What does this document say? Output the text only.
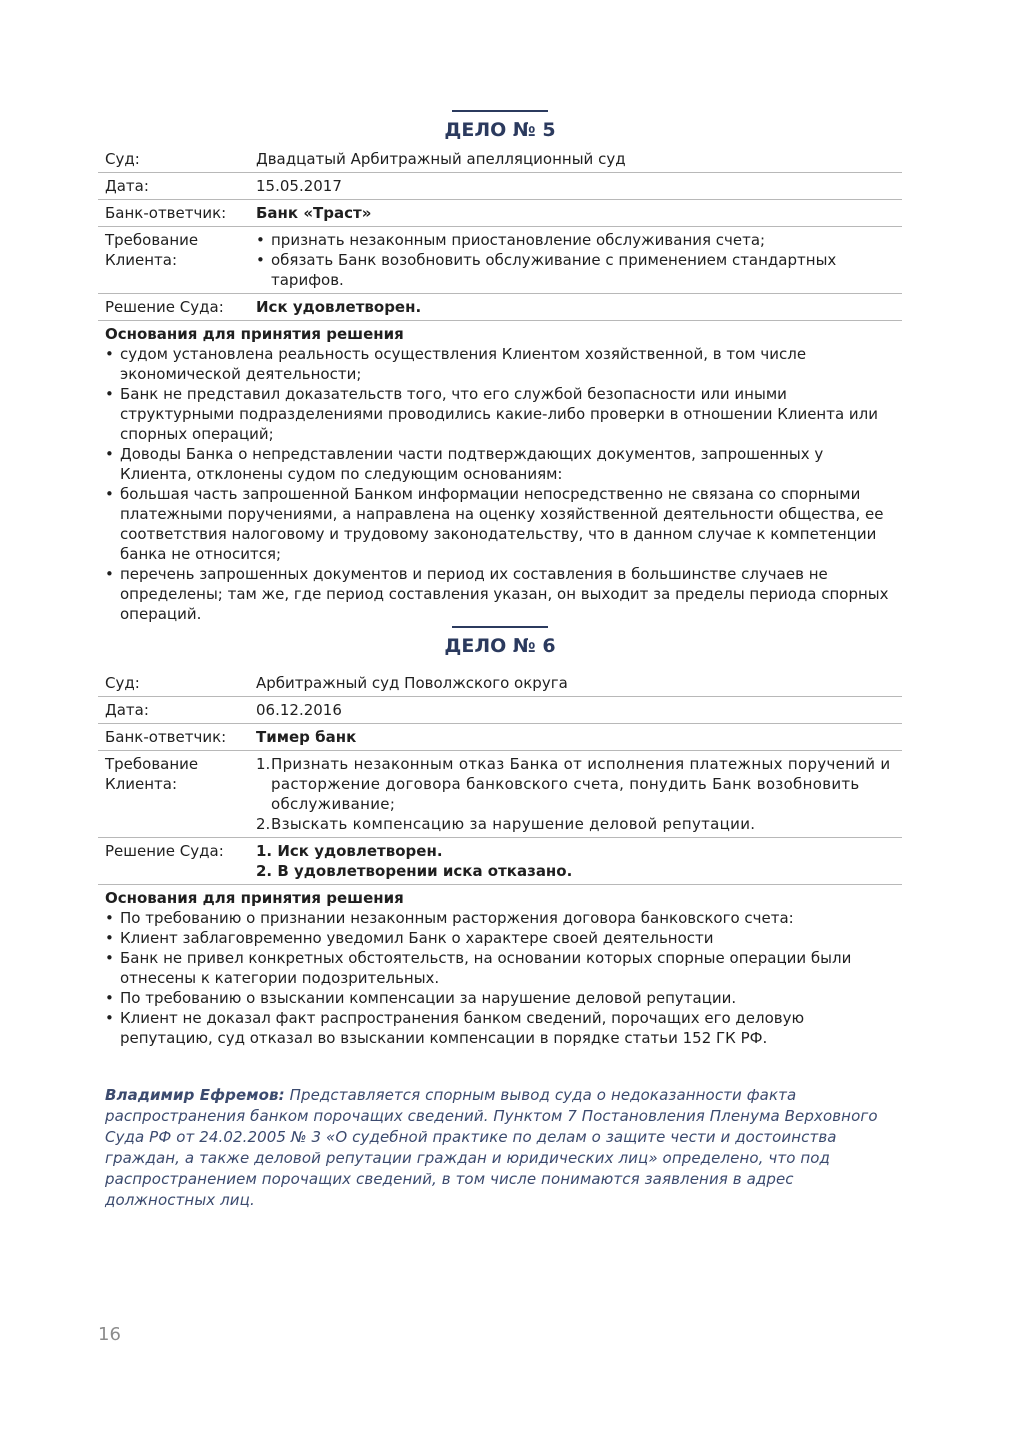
ДЕЛО № 5
Суд:	Двадцатый Арбитражный апелляционный суд
Дата:	15.05.2017
Банк-ответчик:	Банк «Траст»
Требование Клиента:
• признать незаконным приостановление обслуживания счета;
• обязать Банк возобновить обслуживание с применением стандартных тарифов.
Решение Суда:	Иск удовлетворен.
Основания для принятия решения
• судом установлена реальность осуществления Клиентом хозяйственной, в том числе экономической деятельности;
• Банк не представил доказательств того, что его службой безопасности или иными структурными подразделениями проводились какие-либо проверки в отношении Клиента или спорных операций;
• Доводы Банка о непредставлении части подтверждающих документов, запрошенных у Клиента, отклонены судом по следующим основаниям:
• большая часть запрошенной Банком информации непосредственно не связана со спорными платежными поручениями, а направлена на оценку хозяйственной деятельности общества, ее соответствия налоговому и трудовому законодательству, что в данном случае к компетенции банка не относится;
• перечень запрошенных документов и период их составления в большинстве случаев не определены; там же, где период составления указан, он выходит за пределы периода спорных операций.
ДЕЛО № 6
Суд:	Арбитражный суд Поволжского округа
Дата:	06.12.2016
Банк-ответчик:	Тимер банк
Требование Клиента:
1. Признать незаконным отказ Банка от исполнения платежных поручений и расторжение договора банковского счета, понудить Банк возобновить обслуживание;
2. Взыскать компенсацию за нарушение деловой репутации.
Решение Суда:	1. Иск удовлетворен.
2. В удовлетворении иска отказано.
Основания для принятия решения
• По требованию о признании незаконным расторжения договора банковского счета:
• Клиент заблаговременно уведомил Банк о характере своей деятельности
• Банк не привел конкретных обстоятельств, на основании которых спорные операции были отнесены к категории подозрительных.
• По требованию о взыскании компенсации за нарушение деловой репутации.
• Клиент не доказал факт распространения банком сведений, порочащих его деловую репутацию, суд отказал во взыскании компенсации в порядке статьи 152 ГК РФ.

Владимир Ефремов: Представляется спорным вывод суда о недоказанности факта распространения банком порочащих сведений. Пунктом 7 Постановления Пленума Верховного Суда РФ от 24.02.2005 № 3 «О судебной практике по делам о защите чести и достоинства граждан, а также деловой репутации граждан и юридических лиц» определено, что под распространением порочащих сведений, в том числе понимаются заявления в адрес должностных лиц.

16
